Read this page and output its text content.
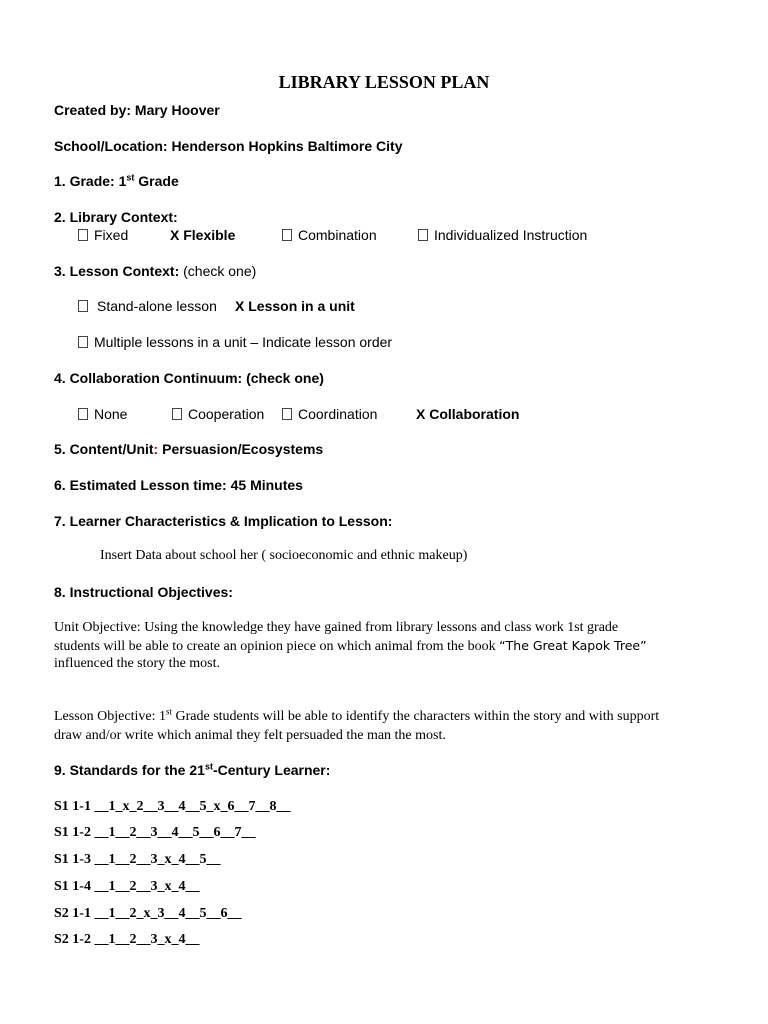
LIBRARY LESSON PLAN
Created by: Mary Hoover
School/Location: Henderson Hopkins Baltimore City
1. Grade: 1st Grade
2. Library Context:
Fixed	X Flexible	Combination	Individualized Instruction
3. Lesson Context: (check one)
Stand-alone lesson X Lesson in a unit
Multiple lessons in a unit – Indicate lesson order
4. Collaboration Continuum: (check one)
None	Cooperation	Coordination	X Collaboration
5. Content/Unit: Persuasion/Ecosystems
6. Estimated Lesson time: 45 Minutes
7. Learner Characteristics & Implication to Lesson:
Insert Data about school her ( socioeconomic and ethnic makeup)
8. Instructional Objectives:
Unit Objective: Using the knowledge they have gained from library lessons and class work 1st grade
students will be able to create an opinion piece on which animal from the book “The Great Kapok Tree”
influenced the story the most.
Lesson Objective: 1st Grade students will be able to identify the characters within the story and with support
draw and/or write which animal they felt persuaded the man the most.
9. Standards for the 21st-Century Learner:
S1 1-1 __1_x_2__3__4__5_x_6__7__8__
S1 1-2 __1__2__3__4__5__6__7__
S1 1-3 __1__2__3_x_4__5__
S1 1-4 __1__2__3_x_4__
S2 1-1 __1__2_x_3__4__5__6__
S2 1-2 __1__2__3_x_4__
